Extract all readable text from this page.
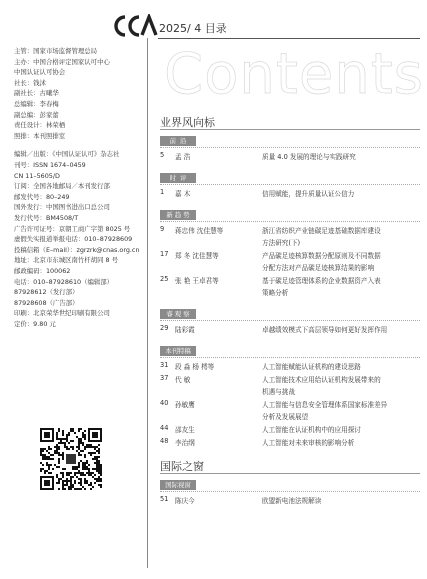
2025/ 4 目录
Contents
主管：国家市场监督管理总局
主办：中国合格评定国家认可中心
中国认证认可协会
社长：钱沭
副社长：古曦华
总编辑：李春梅
副总编：彭家蕾
责任设计：林荣栖
照排：本刊照排室
编辑／出版：《中国认证认可》杂志社
刊号：ISSN 1674–0459
CN 11–5605/D
订阅：全国各地邮局／本刊发行部
邮发代号：80–249
国外发行：中国图书进出口总公司
发行代号：BM4508/T
广告许可证号：京朝工商广字第 8025 号
虚假失实报道举报电话：010–87928609
投稿信箱（E–mail）：zgrzrk@cnas.org.cn
地址：北京市东城区南竹杆胡同 8 号
邮政编码：100062
电话：010–87928610（编辑部）
87928612（发行部）
87928608（广告部）
印刷：北京荣华世纪印刷有限公司
定价：9.80 元
业界风向标
前  沿
5 孟 浩	质量 4.0 发展的理论与实践研究
时  评
1 嘉 木	信用赋能，提升质量认证公信力
新 趋 势
9 蒋忠伟 沈佳慧等	浙江省纺织产业链碳足迹基础数据库建设
方法研究(下)
17 郑 冬 沈佳慧等	产品碳足迹核算数据分配原则及不同数据
分配方法对产品碳足迹核算结果的影响
25 张 艳 王卓君等	基于碳足迹管理体系的企业数据资产入表
策略分析
睿 观 察
29 陆彩霞	卓越绩效模式下高层领导如何更好发挥作用
本刊特稿
31 段 淼 杨 樗等	人工智能赋能认证机构的建设思路
37 代 敏	人工智能技术应用给认证机构发展带来的
机遇与挑战
40 孙敏鹰	人工智能与信息安全管理体系国家标准差异
分析及发展展望
44 邵友生	人工智能在认证机构中的应用探讨
48 李治纲	人工智能对未来审核的影响分析
国际之窗
国际视窗
51 陈庆今	欧盟新电池法规解读
